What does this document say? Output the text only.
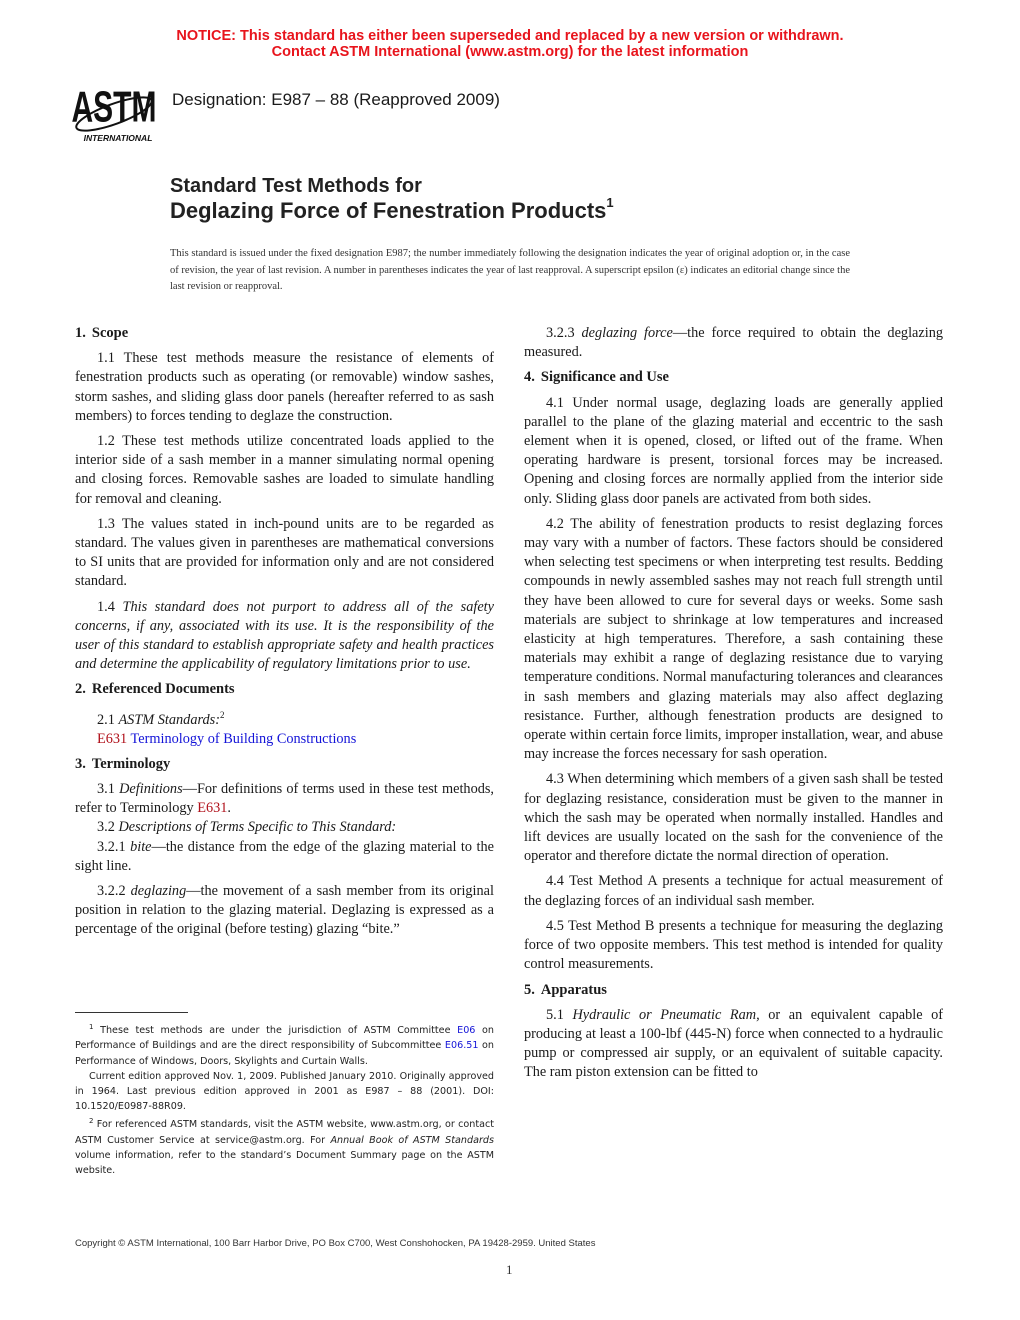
NOTICE: This standard has either been superseded and replaced by a new version or withdrawn.
Contact ASTM International (www.astm.org) for the latest information
ASTM
INTERNATIONAL
Designation: E987 – 88 (Reapproved 2009)
Standard Test Methods for
Deglazing Force of Fenestration Products$^1$
This standard is issued under the fixed designation E987; the number immediately following the designation indicates the year of original adoption or, in the case of revision, the year of last revision. A number in parentheses indicates the year of last reapproval. A superscript epsilon (ε) indicates an editorial change since the last revision or reapproval.
1. Scope

1.1 These test methods measure the resistance of elements of fenestration products such as operating (or removable) window sashes, storm sashes, and sliding glass door panels (hereafter referred to as sash members) to forces tending to deglaze the construction.

1.2 These test methods utilize concentrated loads applied to the interior side of a sash member in a manner simulating normal opening and closing forces. Removable sashes are loaded to simulate handling for removal and cleaning.

1.3 The values stated in inch-pound units are to be regarded as standard. The values given in parentheses are mathematical conversions to SI units that are provided for information only and are not considered standard.

1.4 This standard does not purport to address all of the safety concerns, if any, associated with its use. It is the responsibility of the user of this standard to establish appropriate safety and health practices and determine the applicability of regulatory limitations prior to use.

2. Referenced Documents

2.1 ASTM Standards:$^2$

E631 Terminology of Building Constructions

3. Terminology

3.1 Definitions—For definitions of terms used in these test methods, refer to Terminology E631.

3.2 Descriptions of Terms Specific to This Standard:

3.2.1 bite—the distance from the edge of the glazing material to the sight line.

3.2.2 deglazing—the movement of a sash member from its original position in relation to the glazing material. Deglazing is expressed as a percentage of the original (before testing) glazing “bite.”

$^1$ These test methods are under the jurisdiction of ASTM Committee E06 on Performance of Buildings and are the direct responsibility of Subcommittee E06.51 on Performance of Windows, Doors, Skylights and Curtain Walls.

Current edition approved Nov. 1, 2009. Published January 2010. Originally approved in 1964. Last previous edition approved in 2001 as E987 – 88 (2001). DOI: 10.1520/E0987-88R09.

$^2$ For referenced ASTM standards, visit the ASTM website, www.astm.org, or contact ASTM Customer Service at service@astm.org. For Annual Book of ASTM Standards volume information, refer to the standard’s Document Summary page on the ASTM website.

3.2.3 deglazing force—the force required to obtain the deglazing measured.

4. Significance and Use

4.1 Under normal usage, deglazing loads are generally applied parallel to the plane of the glazing material and eccentric to the sash element when it is opened, closed, or lifted out of the frame. When operating hardware is present, torsional forces may be increased. Opening and closing forces are normally applied from the interior side only. Sliding glass door panels are activated from both sides.

4.2 The ability of fenestration products to resist deglazing forces may vary with a number of factors. These factors should be considered when selecting test specimens or when interpreting test results. Bedding compounds in newly assembled sashes may not reach full strength until they have been allowed to cure for several days or weeks. Some sash materials are subject to shrinkage at low temperatures and increased elasticity at high temperatures. Therefore, a sash containing these materials may exhibit a range of deglazing resistance due to varying temperature conditions. Normal manufacturing tolerances and clearances in sash members and glazing materials may also affect deglazing resistance. Further, although fenestration products are designed to operate within certain force limits, improper installation, wear, and abuse may increase the forces necessary for sash operation.

4.3 When determining which members of a given sash shall be tested for deglazing resistance, consideration must be given to the manner in which the sash may be operated when normally installed. Handles and lift devices are usually located on the sash for the convenience of the operator and therefore dictate the normal direction of operation.

4.4 Test Method A presents a technique for actual measurement of the deglazing forces of an individual sash member.

4.5 Test Method B presents a technique for measuring the deglazing force of two opposite members. This test method is intended for quality control measurements.

5. Apparatus

5.1 Hydraulic or Pneumatic Ram, or an equivalent capable of producing at least a 100-lbf (445-N) force when connected to a hydraulic pump or compressed air supply, or an equivalent of suitable capacity. The ram piston extension can be fitted to

Copyright © ASTM International, 100 Barr Harbor Drive, PO Box C700, West Conshohocken, PA 19428-2959. United States
1
